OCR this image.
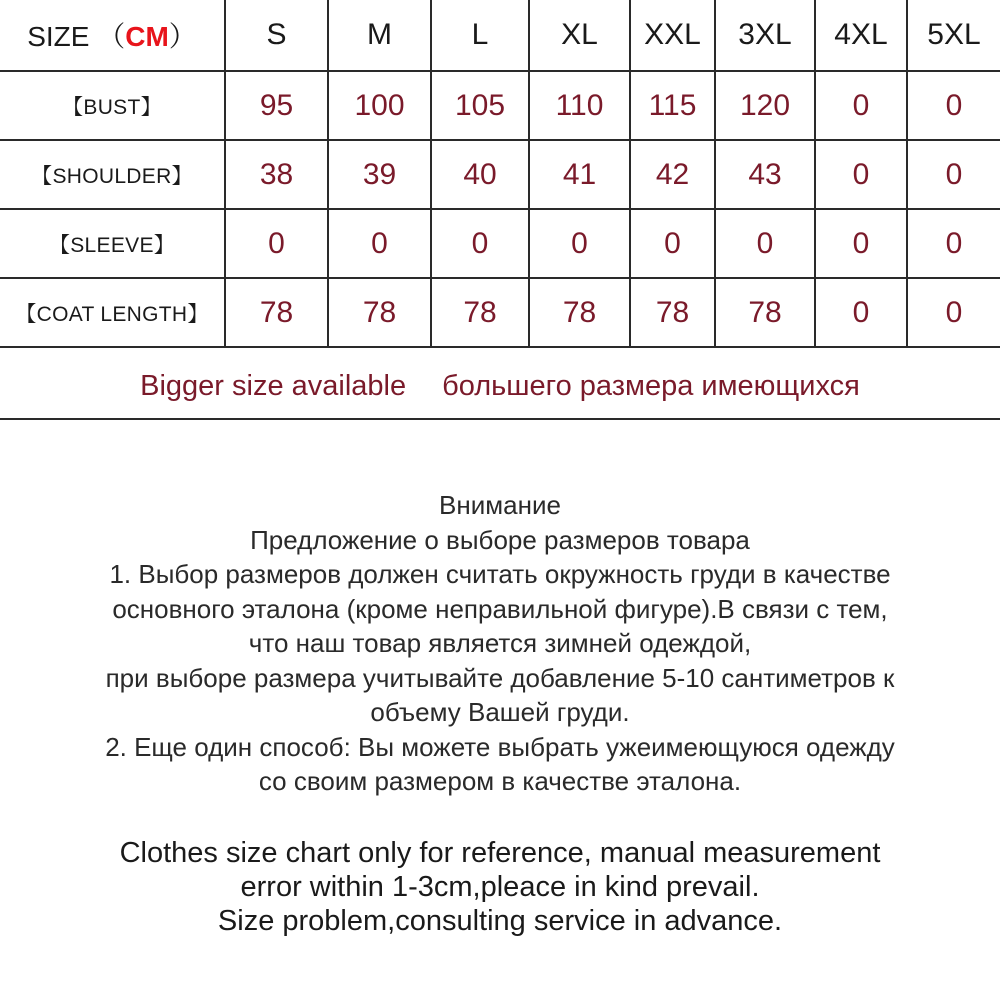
SIZE （CM）	S	M	L	XL	XXL	3XL	4XL	5XL
【BUST】	95	100	105	110	115	120	0	0
【SHOULDER】	38	39	40	41	42	43	0	0
【SLEEVE】	0	0	0	0	0	0	0	0
【COAT LENGTH】	78	78	78	78	78	78	0	0
Bigger size available большего размера имеющихся
Внимание
Предложение о выборе размеров товара
1. Выбор размеров должен считать окружность груди в качестве
основного эталона (кроме неправильной фигуре).В связи с тем,
что наш товар является зимней одеждой,
при выборе размера учитывайте добавление 5-10 сантиметров к
объему Вашей груди.
2. Еще один способ: Вы можете выбрать ужеимеющуюся одежду
со своим размером в качестве эталона.
Clothes size chart only for reference, manual measurement
error within 1-3cm,pleace in kind prevail.
Size problem,consulting service in advance.
